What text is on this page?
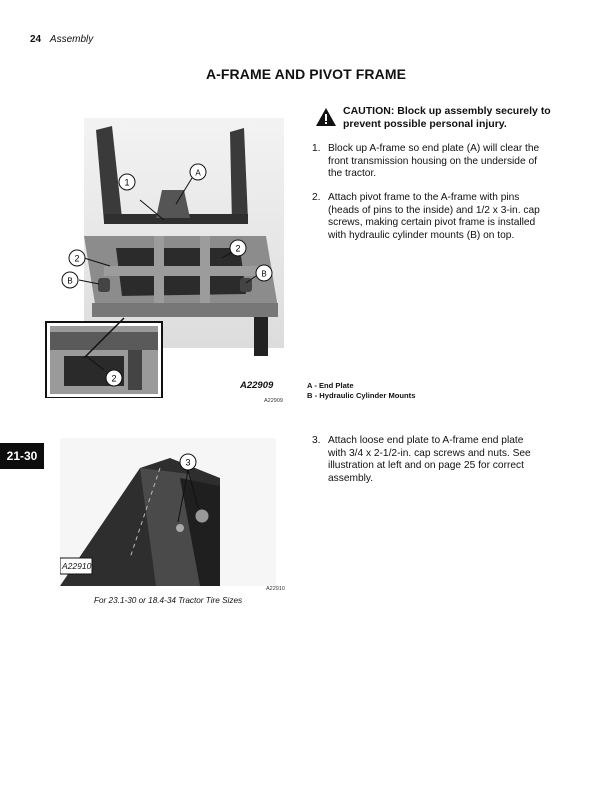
24 Assembly
A-FRAME AND PIVOT FRAME
1
A
2
2
B
B
2
A22909
A22909
CAUTION: Block up assembly securely to prevent possible personal injury.
1. Block up A-frame so end plate (A) will clear the
front transmission housing on the underside of
the tractor.
2. Attach pivot frame to the A-frame with pins
(heads of pins to the inside) and 1/2 x 3-in. cap
screws, making certain pivot frame is installed
with hydraulic cylinder mounts (B) on top.
A - End Plate
B - Hydraulic Cylinder Mounts
21-30	3
A22910
A22910
For 23.1-30 or 18.4-34 Tractor Tire Sizes
3. Attach loose end plate to A-frame end plate
with 3/4 x 2-1/2-in. cap screws and nuts. See
illustration at left and on page 25 for correct
assembly.
